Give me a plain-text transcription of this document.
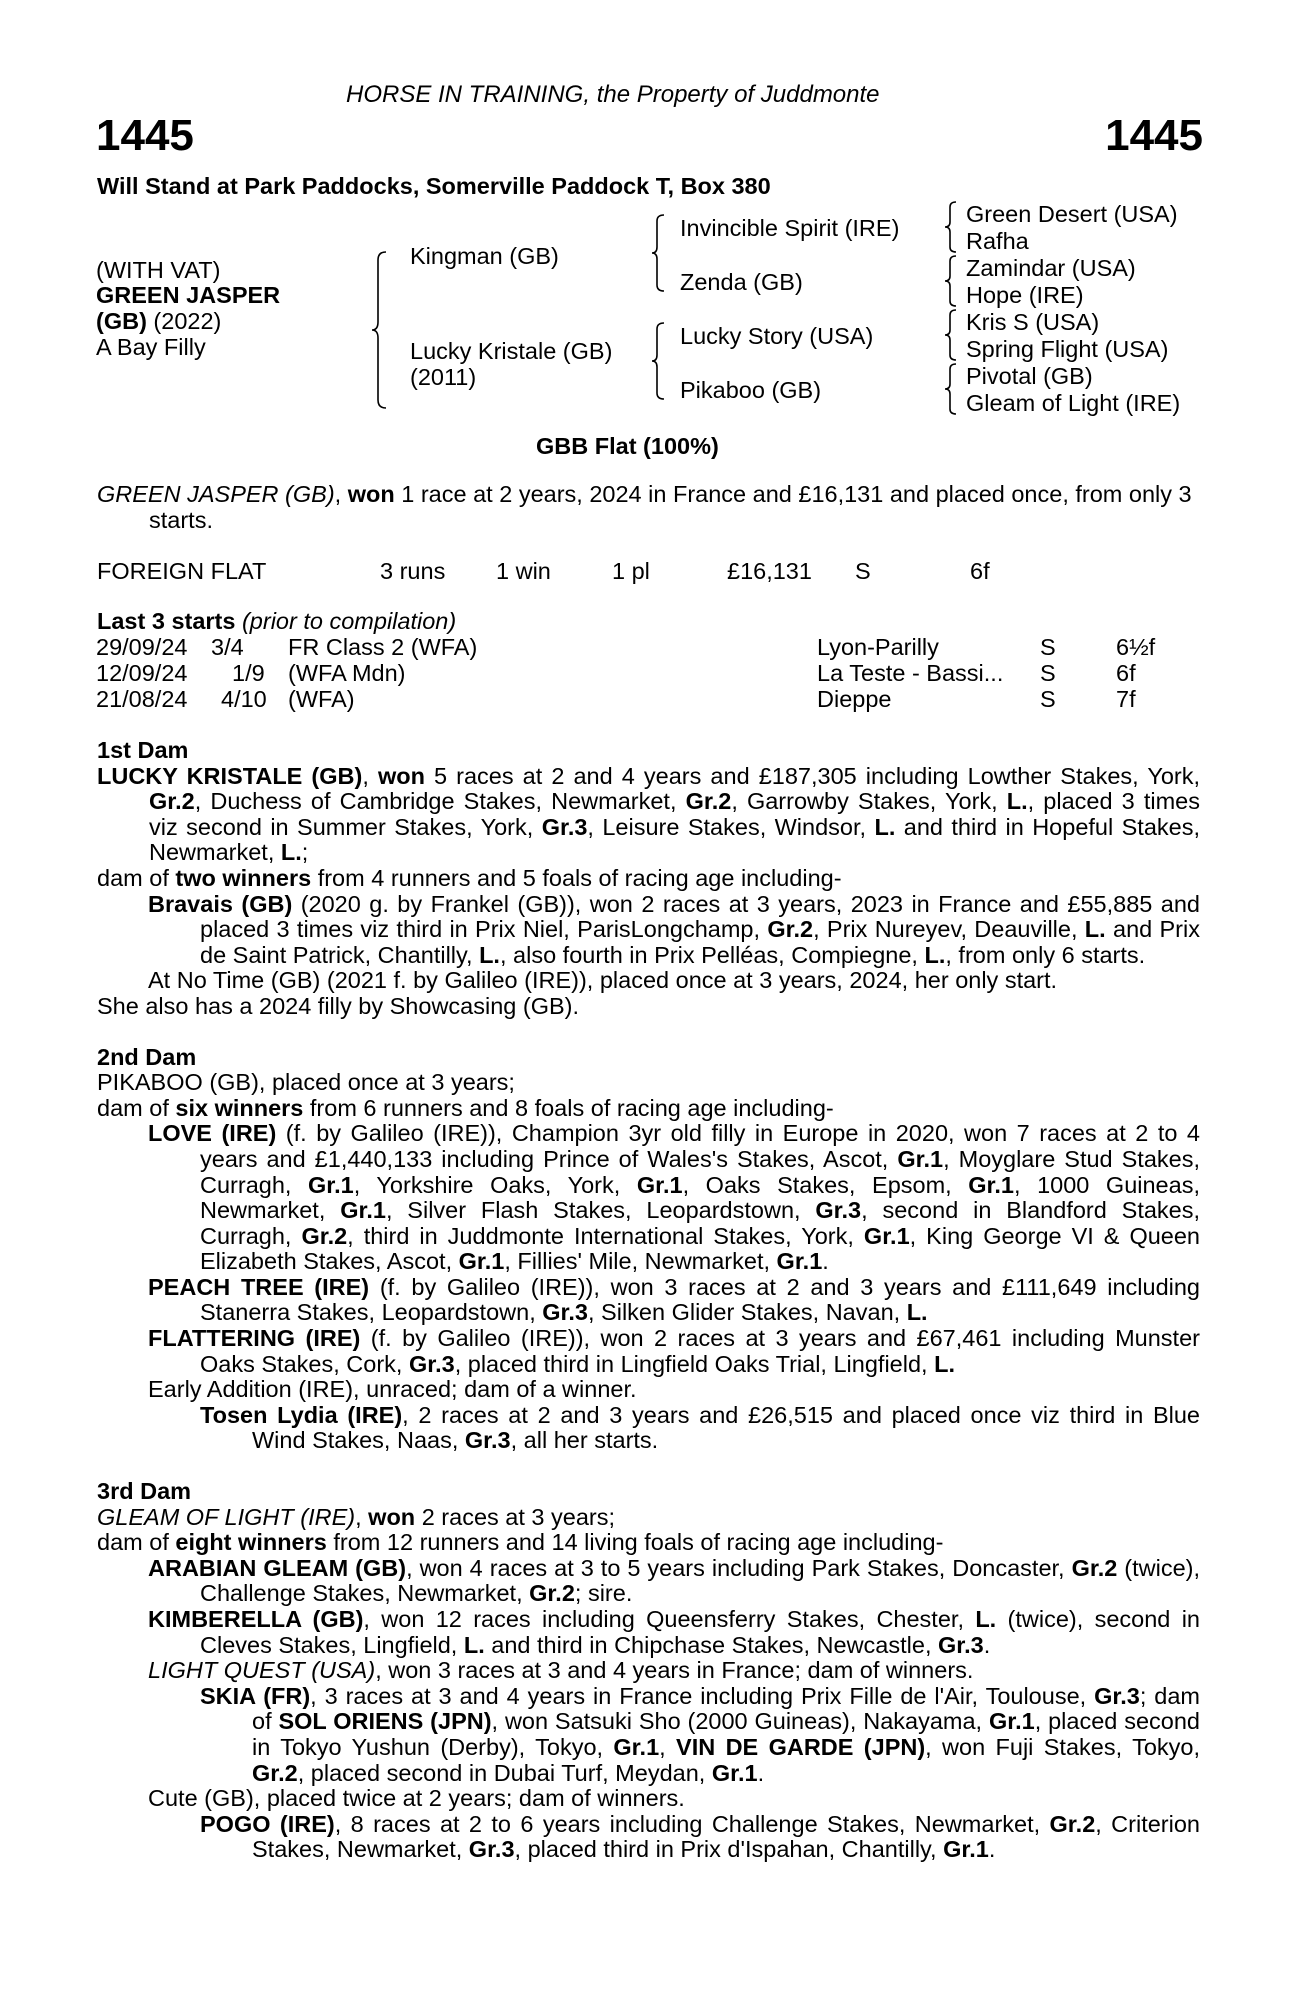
HORSE IN TRAINING, the Property of Juddmonte
1445	1445
Will Stand at Park Paddocks, Somerville Paddock T, Box 380
(WITH VAT)
GREEN JASPER
(GB) (2022)
A Bay Filly
Kingman (GB)
Lucky Kristale (GB)
(2011)
Invincible Spirit (IRE)
Zenda (GB)
Lucky Story (USA)
Pikaboo (GB)
Green Desert (USA)
Rafha
Zamindar (USA)
Hope (IRE)
Kris S (USA)
Spring Flight (USA)
Pivotal (GB)
Gleam of Light (IRE)
GBB Flat (100%)

GREEN JASPER (GB), won 1 race at 2 years, 2024 in France and £16,131 and placed once, from only 3 starts.

FOREIGN FLAT	3 runs 1 win	1 pl	£16,131 S	6f
Last 3 starts (prior to compilation)
29/09/24 3/4 FR Class 2 (WFA)	Lyon-Parilly	S	6½f
12/09/24 1/9 (WFA Mdn)	La Teste - Bassi... S	6f
21/08/24 4/10 (WFA)	Dieppe	S	7f

1st Dam

LUCKY KRISTALE (GB), won 5 races at 2 and 4 years and £187,305 including Lowther Stakes, York, Gr.2, Duchess of Cambridge Stakes, Newmarket, Gr.2, Garrowby Stakes, York, L., placed 3 times viz second in Summer Stakes, York, Gr.3, Leisure Stakes, Windsor, L. and third in Hopeful Stakes, Newmarket, L.;

dam of two winners from 4 runners and 5 foals of racing age including-

Bravais (GB) (2020 g. by Frankel (GB)), won 2 races at 3 years, 2023 in France and £55,885 and placed 3 times viz third in Prix Niel, ParisLongchamp, Gr.2, Prix Nureyev, Deauville, L. and Prix de Saint Patrick, Chantilly, L., also fourth in Prix Pelléas, Compiegne, L., from only 6 starts.

At No Time (GB) (2021 f. by Galileo (IRE)), placed once at 3 years, 2024, her only start.

She also has a 2024 filly by Showcasing (GB).

2nd Dam

PIKABOO (GB), placed once at 3 years;

dam of six winners from 6 runners and 8 foals of racing age including-

LOVE (IRE) (f. by Galileo (IRE)), Champion 3yr old filly in Europe in 2020, won 7 races at 2 to 4 years and £1,440,133 including Prince of Wales's Stakes, Ascot, Gr.1, Moyglare Stud Stakes, Curragh, Gr.1, Yorkshire Oaks, York, Gr.1, Oaks Stakes, Epsom, Gr.1, 1000 Guineas, Newmarket, Gr.1, Silver Flash Stakes, Leopardstown, Gr.3, second in Blandford Stakes, Curragh, Gr.2, third in Juddmonte International Stakes, York, Gr.1, King George VI & Queen Elizabeth Stakes, Ascot, Gr.1, Fillies' Mile, Newmarket, Gr.1.

PEACH TREE (IRE) (f. by Galileo (IRE)), won 3 races at 2 and 3 years and £111,649 including Stanerra Stakes, Leopardstown, Gr.3, Silken Glider Stakes, Navan, L.

FLATTERING (IRE) (f. by Galileo (IRE)), won 2 races at 3 years and £67,461 including Munster Oaks Stakes, Cork, Gr.3, placed third in Lingfield Oaks Trial, Lingfield, L.

Early Addition (IRE), unraced; dam of a winner.

Tosen Lydia (IRE), 2 races at 2 and 3 years and £26,515 and placed once viz third in Blue Wind Stakes, Naas, Gr.3, all her starts.

3rd Dam

GLEAM OF LIGHT (IRE), won 2 races at 3 years;

dam of eight winners from 12 runners and 14 living foals of racing age including-

ARABIAN GLEAM (GB), won 4 races at 3 to 5 years including Park Stakes, Doncaster, Gr.2 (twice), Challenge Stakes, Newmarket, Gr.2; sire.

KIMBERELLA (GB), won 12 races including Queensferry Stakes, Chester, L. (twice), second in Cleves Stakes, Lingfield, L. and third in Chipchase Stakes, Newcastle, Gr.3.

LIGHT QUEST (USA), won 3 races at 3 and 4 years in France; dam of winners.

SKIA (FR), 3 races at 3 and 4 years in France including Prix Fille de l'Air, Toulouse, Gr.3; dam of SOL ORIENS (JPN), won Satsuki Sho (2000 Guineas), Nakayama, Gr.1, placed second in Tokyo Yushun (Derby), Tokyo, Gr.1, VIN DE GARDE (JPN), won Fuji Stakes, Tokyo, Gr.2, placed second in Dubai Turf, Meydan, Gr.1.

Cute (GB), placed twice at 2 years; dam of winners.

POGO (IRE), 8 races at 2 to 6 years including Challenge Stakes, Newmarket, Gr.2, Criterion Stakes, Newmarket, Gr.3, placed third in Prix d'Ispahan, Chantilly, Gr.1.
